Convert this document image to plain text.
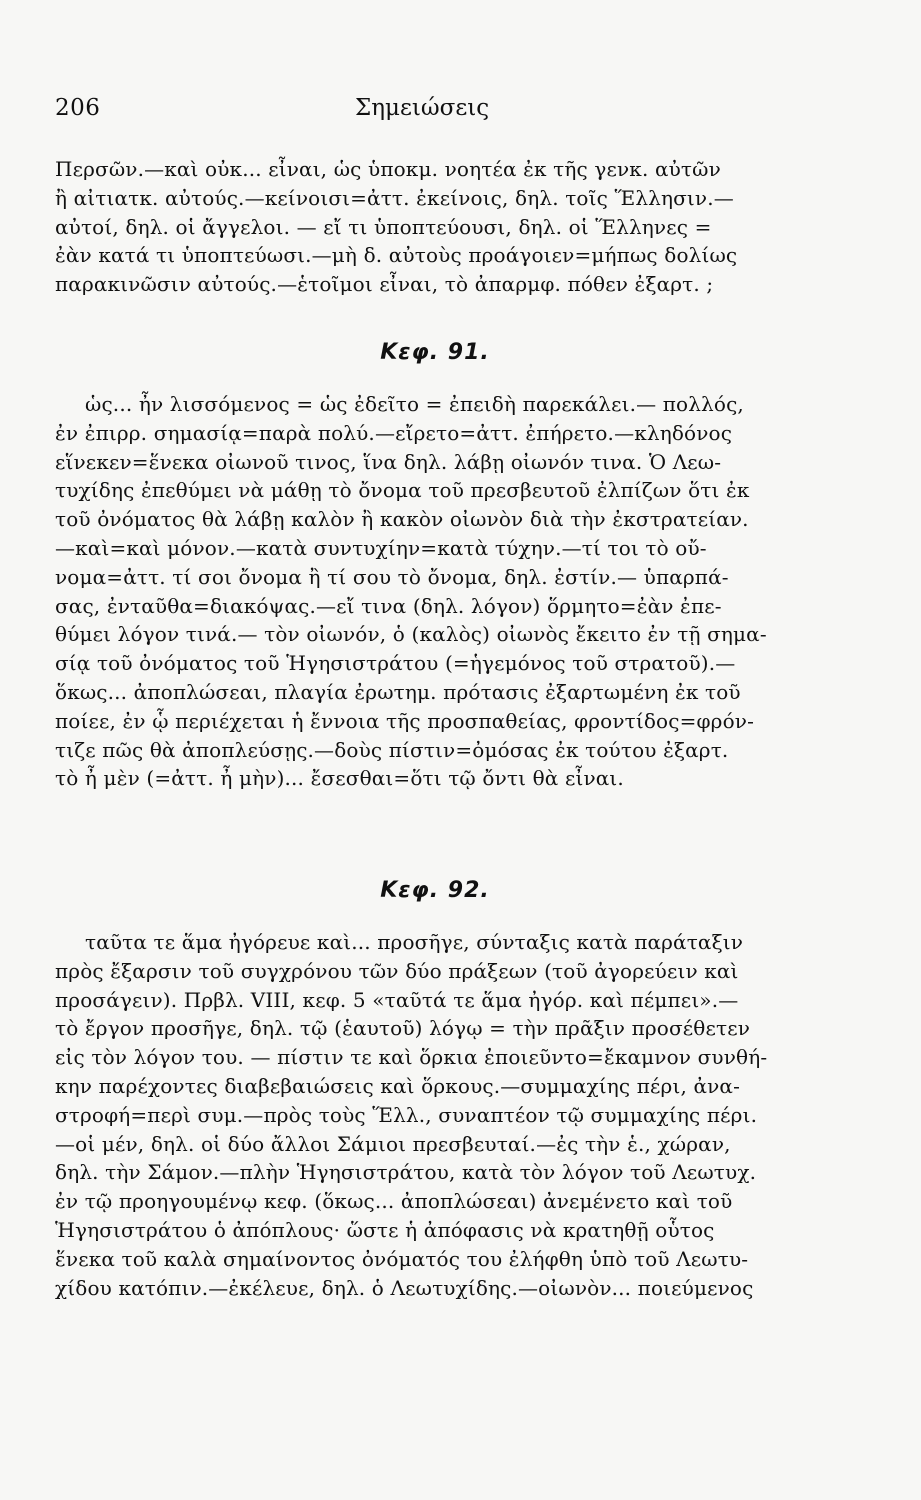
206	Σημειώσεις
Περσῶν.—καὶ οὐκ... εἶναι, ὡς ὑποκμ. νοητέα ἐκ τῆς γενκ. αὐτῶν
ἢ αἰτιατκ. αὐτούς.—κείνοισι=ἀττ. ἐκείνοις, δηλ. τοῖς Ἕλλησιν.—
αὐτοί, δηλ. οἱ ἄγγελοι. — εἴ τι ὑποπτεύουσι, δηλ. οἱ Ἕλληνες =
ἐὰν κατά τι ὑποπτεύωσι.—μὴ δ. αὐτοὺς προάγοιεν=μήπως δολίως
παρακινῶσιν αὐτούς.—ἑτοῖμοι εἶναι, τὸ ἀπαρμφ. πόθεν ἐξαρτ. ;
Κεφ. 91.
ὡς... ἦν λισσόμενος = ὡς ἐδεῖτο = ἐπειδὴ παρεκάλει.— πολλός,
ἐν ἐπιρρ. σημασίᾳ=παρὰ πολύ.—εἴρετο=ἀττ. ἐπήρετο.—κληδόνος
εἵνεκεν=ἕνεκα οἰωνοῦ τινος, ἵνα δηλ. λάβῃ οἰωνόν τινα. Ὁ Λεω-
τυχίδης ἐπεθύμει νὰ μάθῃ τὸ ὄνομα τοῦ πρεσβευτοῦ ἐλπίζων ὅτι ἐκ
τοῦ ὀνόματος θὰ λάβῃ καλὸν ἢ κακὸν οἰωνὸν διὰ τὴν ἐκστρατείαν.
—καὶ=καὶ μόνον.—κατὰ συντυχίην=κατὰ τύχην.—τί τοι τὸ οὔ-
νομα=ἀττ. τί σοι ὄνομα ἢ τί σου τὸ ὄνομα, δηλ. ἐστίν.— ὑπαρπά-
σας, ἐνταῦθα=διακόψας.—εἴ τινα (δηλ. λόγον) ὅρμητο=ἐὰν ἐπε-
θύμει λόγον τινά.— τὸν οἰωνόν, ὁ (καλὸς) οἰωνὸς ἔκειτο ἐν τῇ σημα-
σίᾳ τοῦ ὀνόματος τοῦ Ἡγησιστράτου (=ἡγεμόνος τοῦ στρατοῦ).—
ὅκως... ἀποπλώσεαι, πλαγία ἐρωτημ. πρότασις ἐξαρτωμένη ἐκ τοῦ
ποίεε, ἐν ᾧ περιέχεται ἡ ἔννοια τῆς προσπαθείας, φροντίδος=φρόν-
τιζε πῶς θὰ ἀποπλεύσῃς.—δοὺς πίστιν=ὀμόσας ἐκ τούτου ἐξαρτ.
τὸ ἦ μὲν (=ἀττ. ἦ μὴν)... ἔσεσθαι=ὅτι τῷ ὄντι θὰ εἶναι.
Κεφ. 92.
ταῦτα τε ἅμα ἠγόρευε καὶ... προσῆγε, σύνταξις κατὰ παράταξιν
πρὸς ἔξαρσιν τοῦ συγχρόνου τῶν δύο πράξεων (τοῦ ἀγορεύειν καὶ
προσάγειν). Πρβλ. VIII, κεφ. 5 «ταῦτά τε ἅμα ἠγόρ. καὶ πέμπει».—
τὸ ἔργον προσῆγε, δηλ. τῷ (ἑαυτοῦ) λόγῳ = τὴν πρᾶξιν προσέθετεν
εἰς τὸν λόγον του. — πίστιν τε καὶ ὅρκια ἐποιεῦντο=ἔκαμνον συνθή-
κην παρέχοντες διαβεβαιώσεις καὶ ὅρκους.—συμμαχίης πέρι, ἀνα-
στροφή=περὶ συμ.—πρὸς τοὺς Ἕλλ., συναπτέον τῷ συμμαχίης πέρι.
—οἱ μέν, δηλ. οἱ δύο ἄλλοι Σάμιοι πρεσβευταί.—ἐς τὴν ἑ., χώραν,
δηλ. τὴν Σάμον.—πλὴν Ἡγησιστράτου, κατὰ τὸν λόγον τοῦ Λεωτυχ.
ἐν τῷ προηγουμένῳ κεφ. (ὅκως... ἀποπλώσεαι) ἀνεμένετο καὶ τοῦ
Ἡγησιστράτου ὁ ἀπόπλους· ὥστε ἡ ἀπόφασις νὰ κρατηθῇ οὗτος
ἕνεκα τοῦ καλὰ σημαίνοντος ὀνόματός του ἐλήφθη ὑπὸ τοῦ Λεωτυ-
χίδου κατόπιν.—ἐκέλευε, δηλ. ὁ Λεωτυχίδης.—οἰωνὸν... ποιεύμενος
